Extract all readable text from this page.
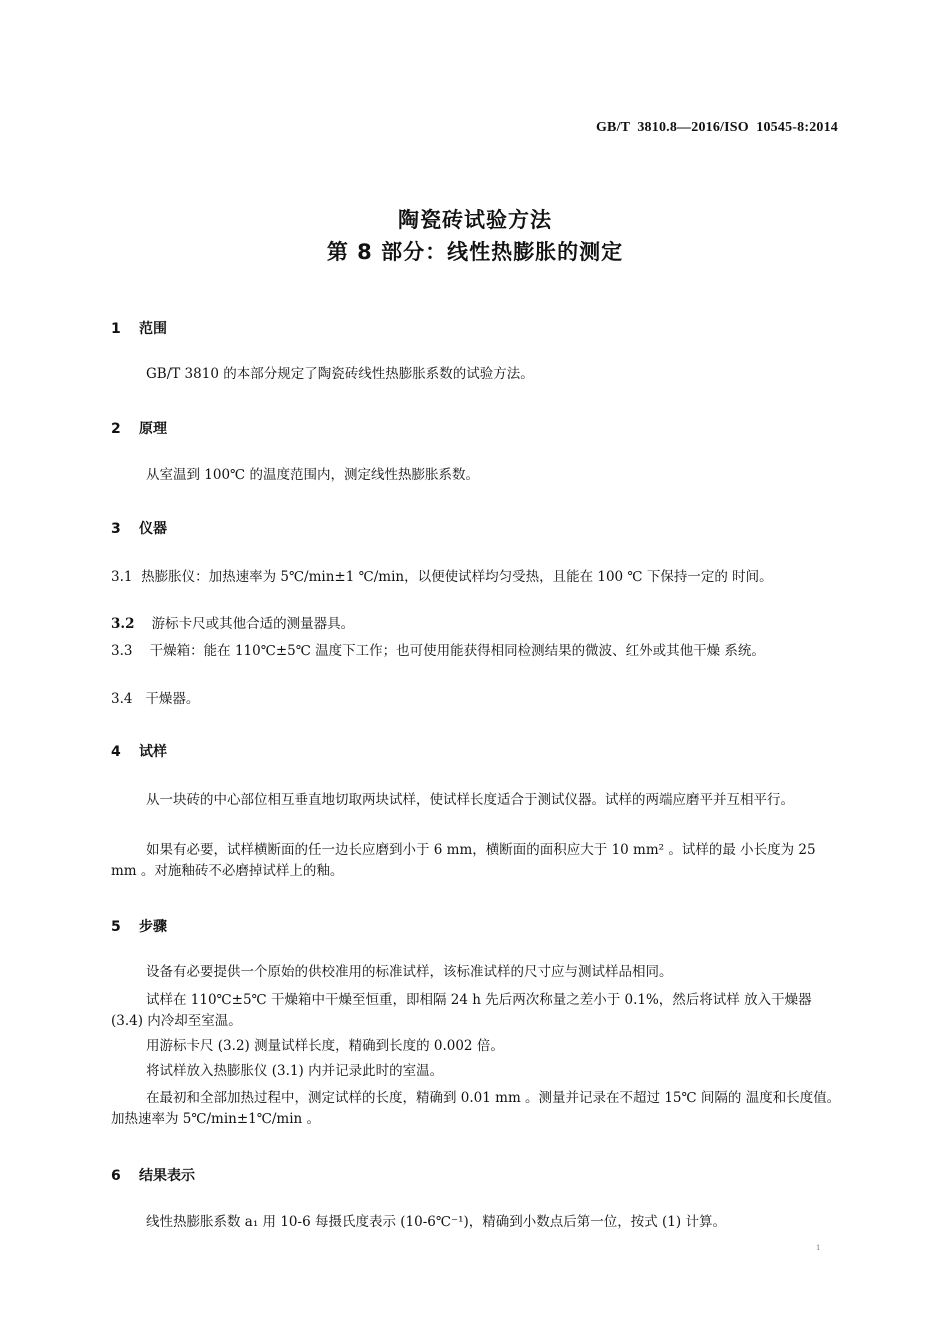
GB/T  3810.8—2016/ISO  10545-8:2014
陶瓷砖试验方法
第 8 部分：线性热膨胀的测定
1 范围
GB/T 3810 的本部分规定了陶瓷砖线性热膨胀系数的试验方法。
2 原理
从室温到 100℃ 的温度范围内，测定线性热膨胀系数。
3 仪器
3.1 热膨胀仪：加热速率为 5℃/min±1 ℃/min，以便使试样均匀受热，且能在 100 ℃ 下保持一定的 时间。
3.2 游标卡尺或其他合适的测量器具。
3.3 干燥箱：能在 110℃±5℃ 温度下工作；也可使用能获得相同检测结果的微波、红外或其他干燥 系统。
3.4 干燥器。
4 试样
从一块砖的中心部位相互垂直地切取两块试样，使试样长度适合于测试仪器。试样的两端应磨平并互相平行。
如果有必要，试样横断面的任一边长应磨到小于 6 mm，横断面的面积应大于 10 mm² 。试样的最 小长度为 25 mm 。对施釉砖不必磨掉试样上的釉。
5 步骤
设备有必要提供一个原始的供校准用的标准试样，该标准试样的尺寸应与测试样品相同。
试样在 110℃±5℃ 干燥箱中干燥至恒重，即相隔 24 h 先后两次称量之差小于 0.1%，然后将试样 放入干燥器 (3.4) 内冷却至室温。
用游标卡尺 (3.2) 测量试样长度，精确到长度的 0.002 倍。
将试样放入热膨胀仪 (3.1) 内并记录此时的室温。
在最初和全部加热过程中，测定试样的长度，精确到 0.01 mm 。测量并记录在不超过 15℃ 间隔的 温度和长度值。加热速率为 5℃/min±1℃/min 。
6 结果表示
线性热膨胀系数 a₁ 用 10-6 每摄氏度表示 (10-6℃⁻¹)，精确到小数点后第一位，按式 (1) 计算。
1
